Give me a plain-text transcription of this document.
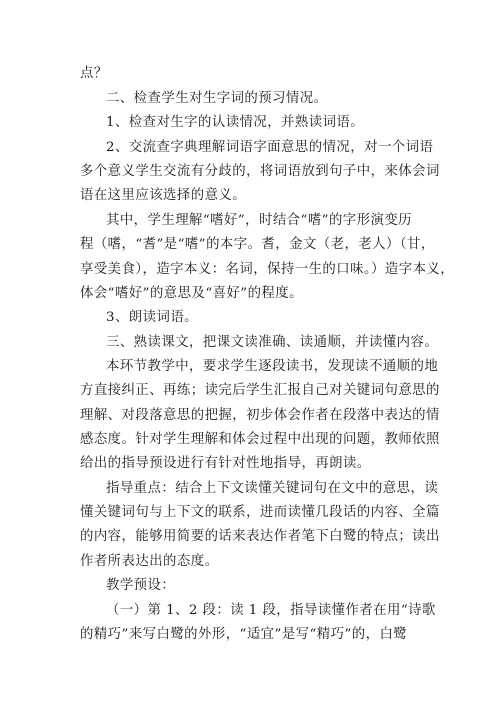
点？

二、检查学生对生字词的预习情况。

1、检查对生字的认读情况，并熟读词语。

2、交流查字典理解词语字面意思的情况，对一个词语

多个意义学生交流有分歧的，将词语放到句子中，来体会词

语在这里应该选择的意义。

其中，学生理解“嗜好”，时结合“嗜”的字形演变历

程（嗜，“耆”是“嗜”的本字。耆，金文（老，老人）（甘，

享受美食），造字本义：名词，保持一生的口味。）造字本义，

体会“嗜好”的意思及“喜好”的程度。

3、朗读词语。

三、熟读课文，把课文读准确、读通顺，并读懂内容。

本环节教学中，要求学生逐段读书，发现读不通顺的地

方直接纠正、再练；读完后学生汇报自己对关键词句意思的

理解、对段落意思的把握，初步体会作者在段落中表达的情

感态度。针对学生理解和体会过程中出现的问题，教师依照

给出的指导预设进行有针对性地指导，再朗读。

指导重点：结合上下文读懂关键词句在文中的意思，读

懂关键词句与上下文的联系，进而读懂几段话的内容、全篇

的内容，能够用简要的话来表达作者笔下白鹭的特点；读出

作者所表达出的态度。

教学预设：

（一）第 1、2 段：读 1 段，指导读懂作者在用“诗歌

的精巧”来写白鹭的外形，“适宜”是写“精巧”的，白鹭
